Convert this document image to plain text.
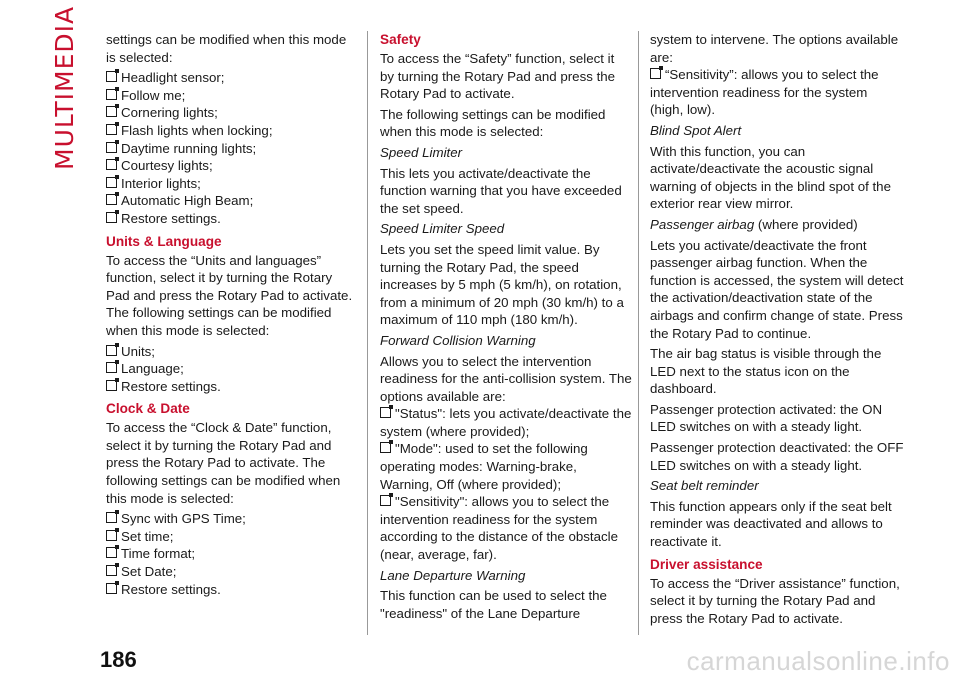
MULTIMEDIA settings can be modified when this mode is selected:

Headlight sensor;
Follow me;
Cornering lights;
Flash lights when locking;
Daytime running lights;
Courtesy lights;
Interior lights;
Automatic High Beam;
Restore settings.
Units & Language

To access the “Units and languages” function, select it by turning the Rotary Pad and press the Rotary Pad to activate. The following settings can be modified when this mode is selected:

Units;
Language;
Restore settings.
Clock & Date

To access the “Clock & Date” function, select it by turning the Rotary Pad and press the Rotary Pad to activate. The following settings can be modified when this mode is selected:

Sync with GPS Time;
Set time;
Time format;
Set Date;
Restore settings.
Safety

To access the “Safety” function, select it by turning the Rotary Pad and press the Rotary Pad to activate.

The following settings can be modified when this mode is selected:

Speed Limiter

This lets you activate/deactivate the function warning that you have exceeded the set speed.

Speed Limiter Speed

Lets you set the speed limit value. By turning the Rotary Pad, the speed increases by 5 mph (5 km/h), on rotation, from a minimum of 20 mph (30 km/h) to a maximum of 110 mph (180 km/h).

Forward Collision Warning

Allows you to select the intervention readiness for the anti-collision system. The options available are:

"Status": lets you activate/deactivate the system (where provided);
"Mode": used to set the following operating modes: Warning-brake, Warning, Off (where provided);
"Sensitivity": allows you to select the intervention readiness for the system according to the distance of the obstacle (near, average, far).

Lane Departure Warning

This function can be used to select the "readiness" of the Lane Departure

system to intervene. The options available are:

“Sensitivity”: allows you to select the intervention readiness for the system (high, low).

Blind Spot Alert

With this function, you can activate/deactivate the acoustic signal warning of objects in the blind spot of the exterior rear view mirror.

Passenger airbag (where provided)

Lets you activate/deactivate the front passenger airbag function. When the function is accessed, the system will detect the activation/deactivation state of the airbags and confirm change of state. Press the Rotary Pad to continue.

The air bag status is visible through the LED next to the status icon on the dashboard.

Passenger protection activated: the ON LED switches on with a steady light.

Passenger protection deactivated: the OFF LED switches on with a steady light.

Seat belt reminder

This function appears only if the seat belt reminder was deactivated and allows to reactivate it.

Driver assistance

To access the “Driver assistance” function, select it by turning the Rotary Pad and press the Rotary Pad to activate.

186	carmanualsonline.info
